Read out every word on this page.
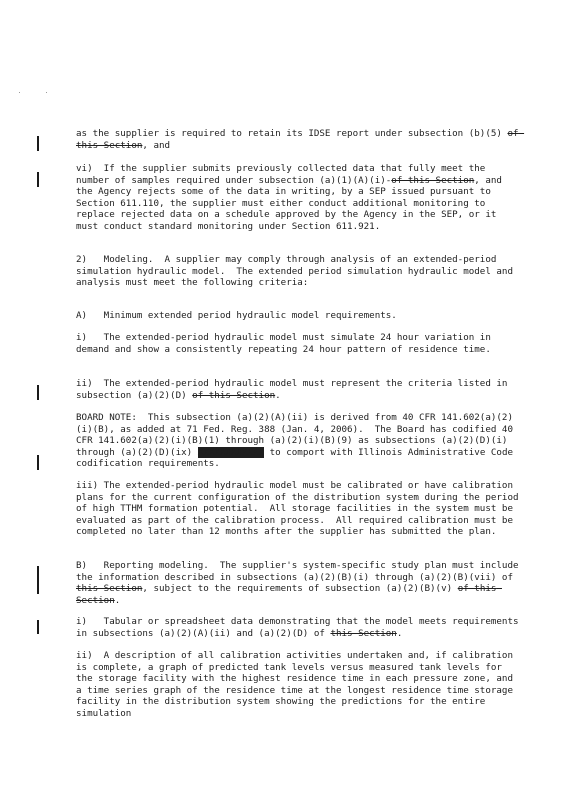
as the supplier is required to retain its IDSE report under subsection (b)(5) of this Section, and
vi)  If the supplier submits previously collected data that fully meet the number of samples required under subsection (a)(1)(A)(i)-of this Section, and the Agency rejects some of the data in writing, by a SEP issued pursuant to Section 611.110, the supplier must either conduct additional monitoring to replace rejected data on a schedule approved by the Agency in the SEP, or it must conduct standard monitoring under Section 611.921.
2)   Modeling.  A supplier may comply through analysis of an extended-period simulation hydraulic model.  The extended period simulation hydraulic model and analysis must meet the following criteria:
A)   Minimum extended period hydraulic model requirements.
i)   The extended-period hydraulic model must simulate 24 hour variation in demand and show a consistently repeating 24 hour pattern of residence time.
ii)  The extended-period hydraulic model must represent the criteria listed in subsection (a)(2)(D) of this Section.
BOARD NOTE:  This subsection (a)(2)(A)(ii) is derived from 40 CFR 141.602(a)(2)(i)(B), as added at 71 Fed. Reg. 388 (Jan. 4, 2006).  The Board has codified 40 CFR 141.602(a)(2)(i)(B)(1) through (a)(2)(i)(B)(9) as subsections (a)(2)(D)(i) through (a)(2)(D)(ix) XXXXXXXXXXXX to comport with Illinois Administrative Code codification requirements.
iii) The extended-period hydraulic model must be calibrated or have calibration plans for the current configuration of the distribution system during the period of high TTHM formation potential.  All storage facilities in the system must be evaluated as part of the calibration process.  All required calibration must be completed no later than 12 months after the supplier has submitted the plan.
B)   Reporting modeling.  The supplier's system-specific study plan must include the information described in subsections (a)(2)(B)(i) through (a)(2)(B)(vii) of this Section, subject to the requirements of subsection (a)(2)(B)(v) of this Section.
i)   Tabular or spreadsheet data demonstrating that the model meets requirements in subsections (a)(2)(A)(ii) and (a)(2)(D) of this Section.
ii)  A description of all calibration activities undertaken and, if calibration is complete, a graph of predicted tank levels versus measured tank levels for the storage facility with the highest residence time in each pressure zone, and a time series graph of the residence time at the longest residence time storage facility in the distribution system showing the predictions for the entire simulation
